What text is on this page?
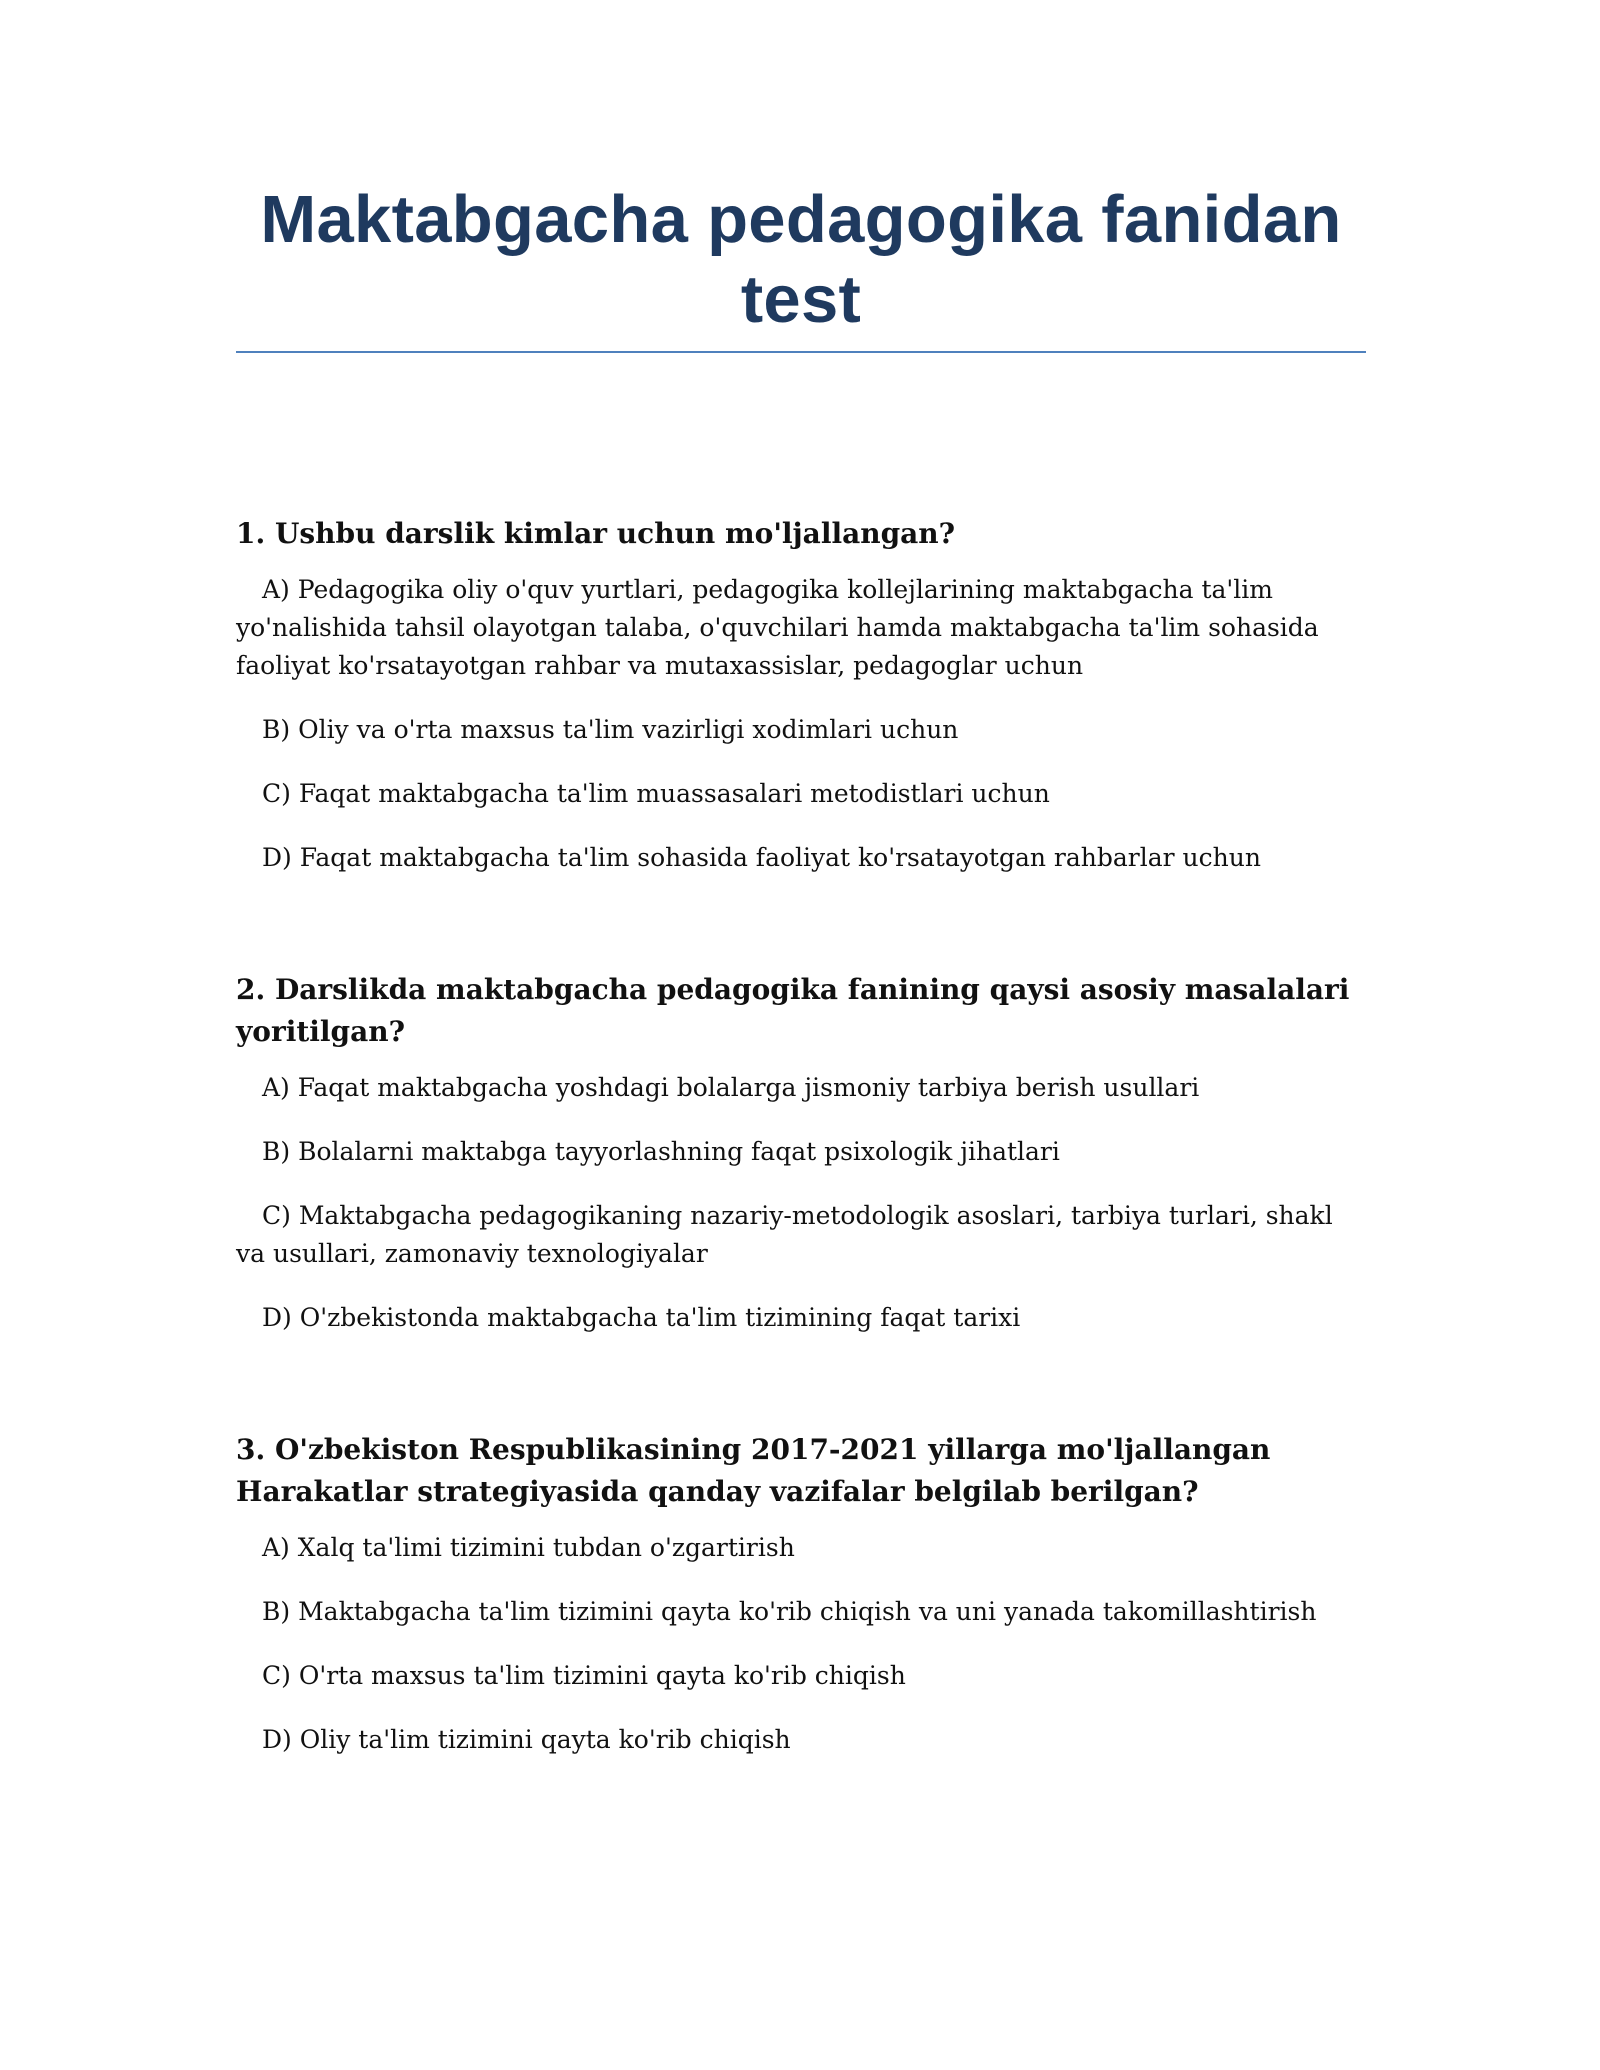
Maktabgacha pedagogika fanidan test

1. Ushbu darslik kimlar uchun mo'ljallangan?

A) Pedagogika oliy o'quv yurtlari, pedagogika kollejlarining maktabgacha ta'lim yo'nalishida tahsil olayotgan talaba, o'quvchilari hamda maktabgacha ta'lim sohasida faoliyat ko'rsatayotgan rahbar va mutaxassislar, pedagoglar uchun

B) Oliy va o'rta maxsus ta'lim vazirligi xodimlari uchun

C) Faqat maktabgacha ta'lim muassasalari metodistlari uchun

D) Faqat maktabgacha ta'lim sohasida faoliyat ko'rsatayotgan rahbarlar uchun

2. Darslikda maktabgacha pedagogika fanining qaysi asosiy masalalari yoritilgan?

A) Faqat maktabgacha yoshdagi bolalarga jismoniy tarbiya berish usullari

B) Bolalarni maktabga tayyorlashning faqat psixologik jihatlari

C) Maktabgacha pedagogikaning nazariy-metodologik asoslari, tarbiya turlari, shakl va usullari, zamonaviy texnologiyalar

D) O'zbekistonda maktabgacha ta'lim tizimining faqat tarixi

3. O'zbekiston Respublikasining 2017-2021 yillarga mo'ljallangan Harakatlar strategiyasida qanday vazifalar belgilab berilgan?

A) Xalq ta'limi tizimini tubdan o'zgartirish

B) Maktabgacha ta'lim tizimini qayta ko'rib chiqish va uni yanada takomillashtirish

C) O'rta maxsus ta'lim tizimini qayta ko'rib chiqish

D) Oliy ta'lim tizimini qayta ko'rib chiqish
